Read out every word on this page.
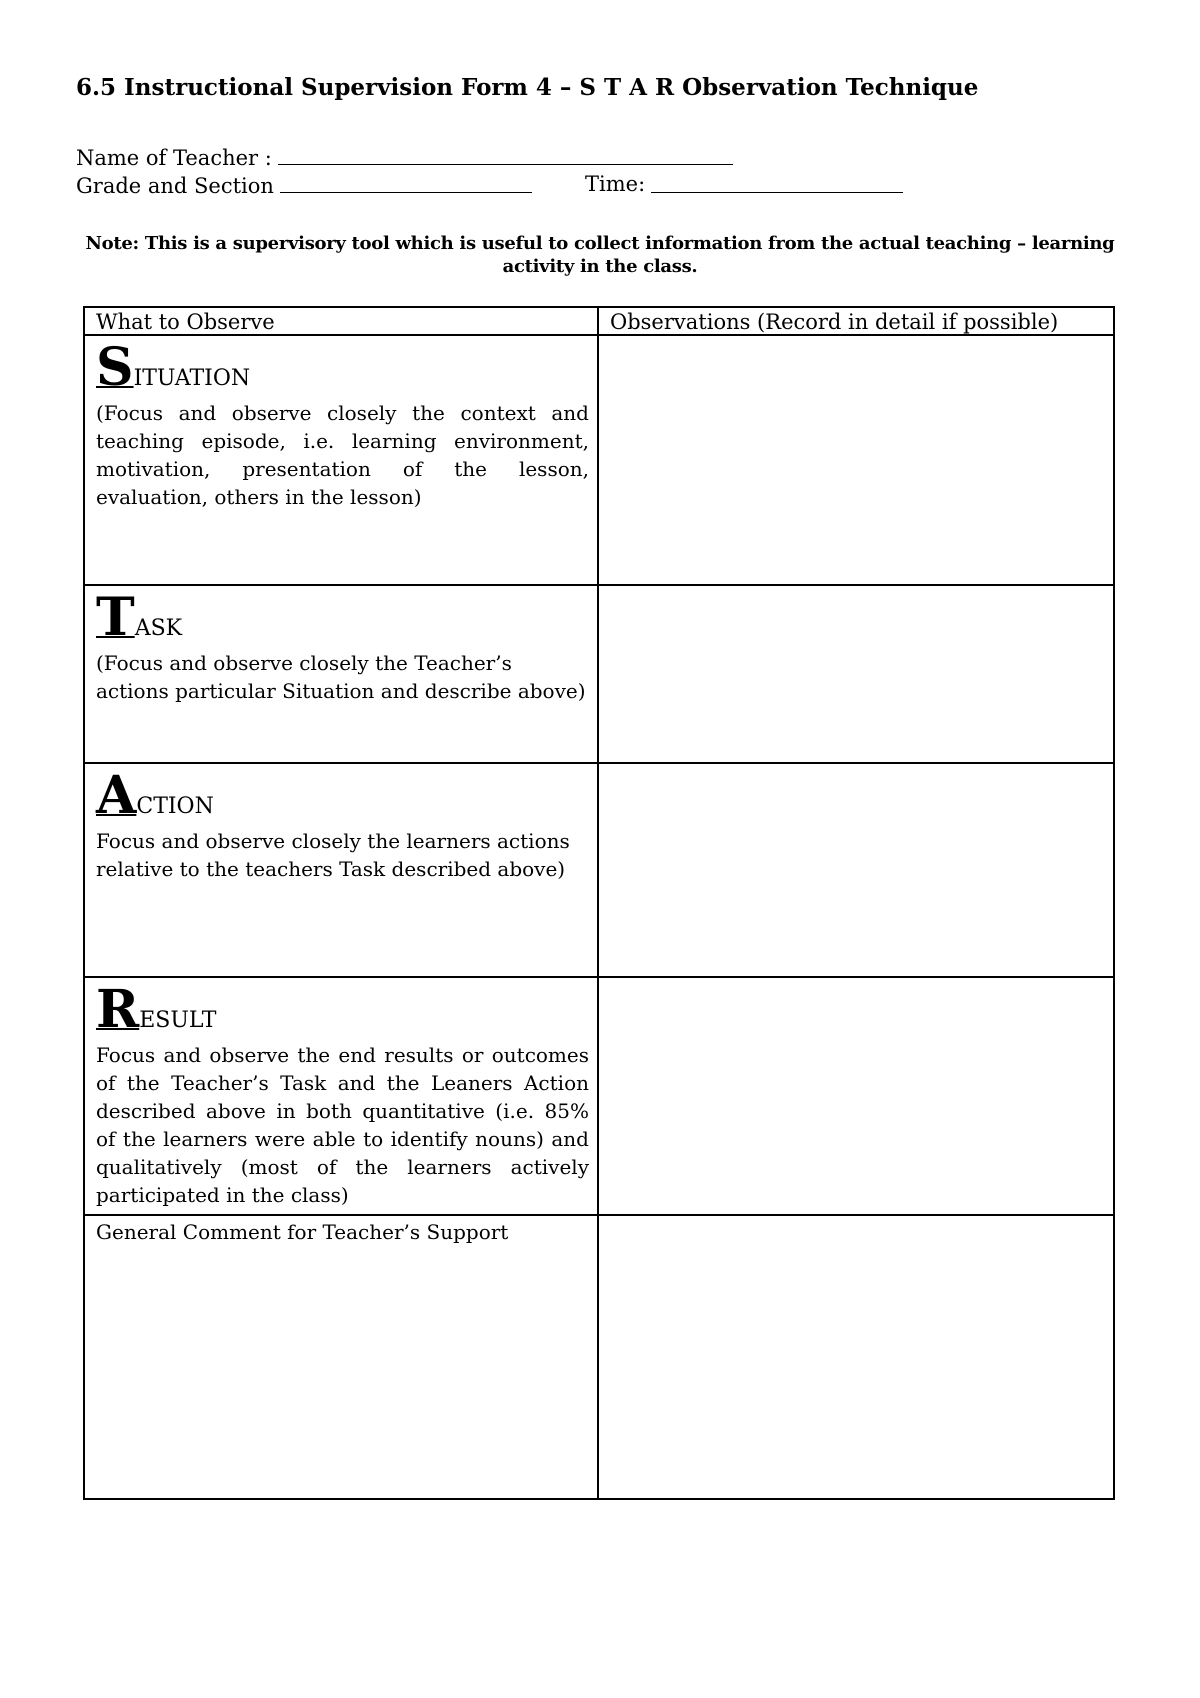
6.5 Instructional Supervision Form 4 – S T A R Observation Technique
Name of Teacher :
Grade and Section	Time:
Note: This is a supervisory tool which is useful to collect information from the actual teaching – learning activity in the class.
What to Observe	Observations (Record in detail if possible)

SITUATION
(Focus and observe closely the context and teaching episode, i.e. learning environment, motivation, presentation of the lesson, evaluation, others in the lesson)	

TASK
(Focus and observe closely the Teacher’s actions particular Situation and describe above)	

ACTION
Focus and observe closely the learners actions relative to the teachers Task described above)	

RESULT
Focus and observe the end results or outcomes of the Teacher’s Task and the Leaners Action described above in both quantitative (i.e. 85% of the learners were able to identify nouns) and qualitatively (most of the learners actively participated in the class)	

General Comment for Teacher’s Support	
